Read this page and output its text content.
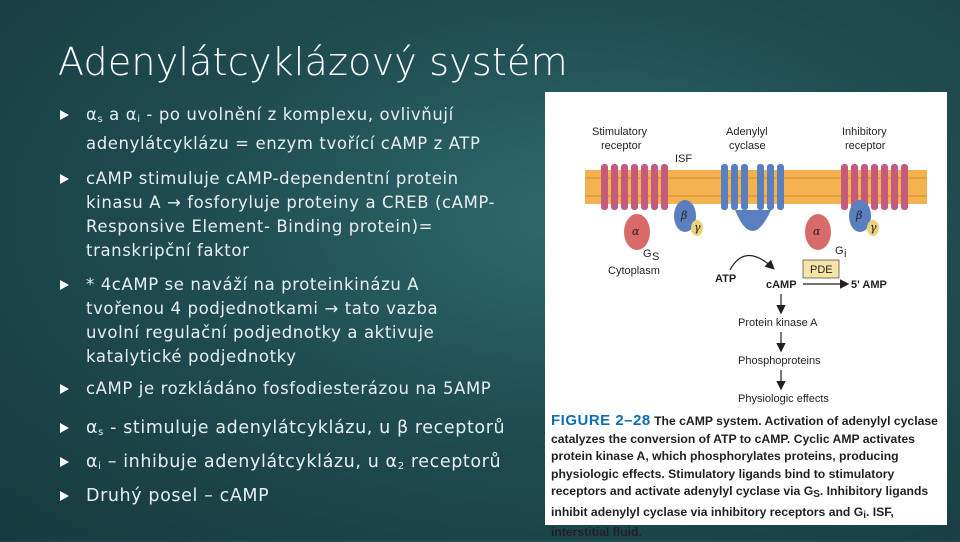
Adenylátcyklázový systém
$\alpha_s$ a $\alpha_i$ - po uvolnění z komplexu, ovlivňují
adenylátcyklázu = enzym tvořící cAMP z ATP
cAMP stimuluje cAMP-dependentní protein
kinasu A → fosforyluje proteiny a CREB (cAMP-
Responsive Element- Binding protein)=
transkripční faktor
* 4cAMP se naváží na proteinkinázu A
tvořenou 4 podjednotkami → tato vazba
uvolní regulační podjednotky a aktivuje
katalytické podjednotky
cAMP je rozkládáno fosfodiesterázou na 5AMP
$\alpha_s$ - stimuluje adenylátcyklázu, u β receptorů
$\alpha_i$ – inhibuje adenylátcyklázu, u $\alpha_2$ receptorů
Druhý posel – cAMP
Stimulatory
receptor
Adenylyl
cyclase
Inhibitory
receptor
ISF
α
β
γ
G S
α
β
γ
G i
Cytoplasm
ATP	cAMP
PDE
5' AMP
Protein kinase A
Phosphoproteins
Physiologic effects
FIGURE 2–28 The cAMP system. Activation of adenylyl cyclase catalyzes the conversion of ATP to cAMP. Cyclic AMP activates protein kinase A, which phosphorylates proteins, producing physiologic effects. Stimulatory ligands bind to stimulatory receptors and activate adenylyl cyclase via $G_S$. Inhibitory ligands inhibit adenylyl cyclase via inhibitory receptors and $G_i$. ISF, interstitial fluid.
